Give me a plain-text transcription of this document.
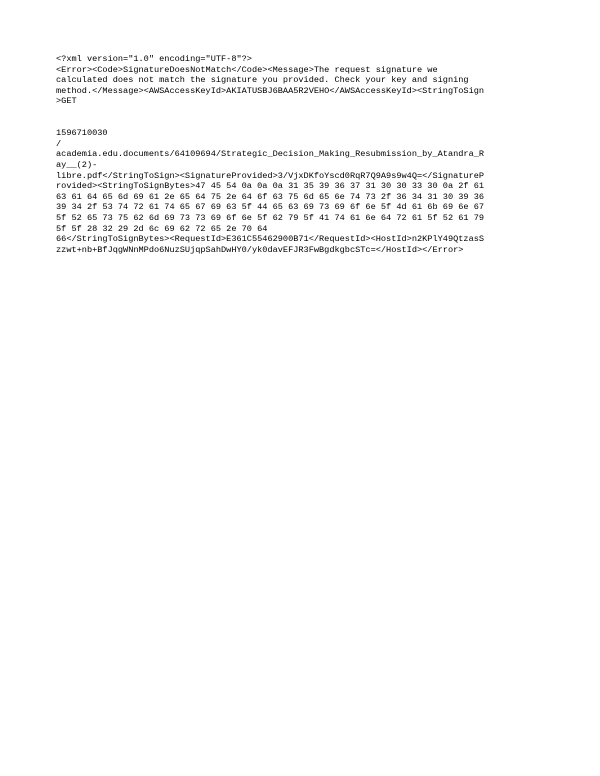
<?xml version="1.0" encoding="UTF-8"?>
<Error><Code>SignatureDoesNotMatch</Code><Message>The request signature we
calculated does not match the signature you provided. Check your key and signing
method.</Message><AWSAccessKeyId>AKIATUSBJ6BAA5R2VEHO</AWSAccessKeyId><StringToSign
>GET

1596710030
/
academia.edu.documents/64109694/Strategic_Decision_Making_Resubmission_by_Atandra_R
ay__(2)-
libre.pdf</StringToSign><SignatureProvided>3/VjxDKfoYscd0RqR7Q9A9s9w4Q=</SignatureP
rovided><StringToSignBytes>47 45 54 0a 0a 0a 31 35 39 36 37 31 30 30 33 30 0a 2f 61
63 61 64 65 6d 69 61 2e 65 64 75 2e 64 6f 63 75 6d 65 6e 74 73 2f 36 34 31 30 39 36
39 34 2f 53 74 72 61 74 65 67 69 63 5f 44 65 63 69 73 69 6f 6e 5f 4d 61 6b 69 6e 67
5f 52 65 73 75 62 6d 69 73 73 69 6f 6e 5f 62 79 5f 41 74 61 6e 64 72 61 5f 52 61 79
5f 5f 28 32 29 2d 6c 69 62 72 65 2e 70 64
66</StringToSignBytes><RequestId>E361C55462900B71</RequestId><HostId>n2KPlY49QtzasS
zzwt+nb+BfJqgWNnMPdo6NuzSUjqpSahDwHY0/yk0davEFJR3FwBgdkgbcSTc=</HostId></Error>
